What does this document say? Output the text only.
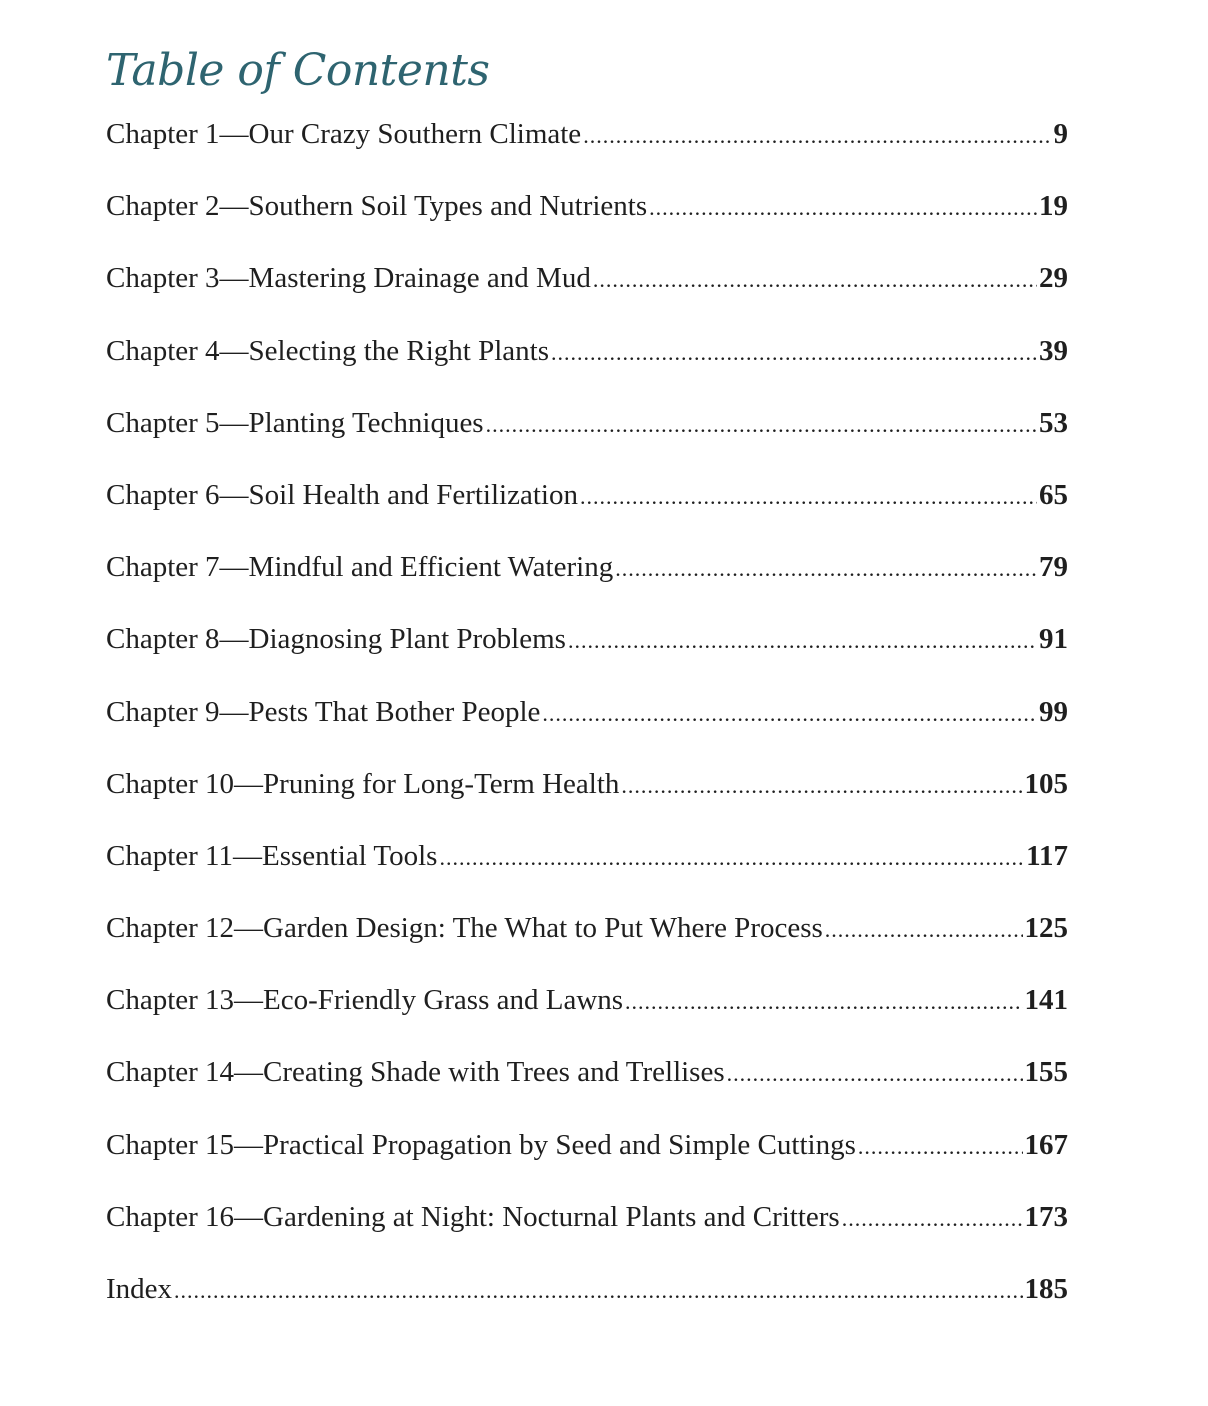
Table of Contents
Chapter 1—Our Crazy Southern Climate .....	9
Chapter 2—Southern Soil Types and Nutrients .....	19
Chapter 3—Mastering Drainage and Mud .....	29
Chapter 4—Selecting the Right Plants .....	39
Chapter 5—Planting Techniques .....	53
Chapter 6—Soil Health and Fertilization .....	65
Chapter 7—Mindful and Efficient Watering .....	79
Chapter 8—Diagnosing Plant Problems .....	91
Chapter 9—Pests That Bother People .....	99
Chapter 10—Pruning for Long-Term Health .....	105
Chapter 11—Essential Tools .....	117
Chapter 12—Garden Design: The What to Put Where Process .....	125
Chapter 13—Eco-Friendly Grass and Lawns .....	141
Chapter 14—Creating Shade with Trees and Trellises .....	155
Chapter 15—Practical Propagation by Seed and Simple Cuttings .....	167
Chapter 16—Gardening at Night: Nocturnal Plants and Critters .....	173
Index .....	185
